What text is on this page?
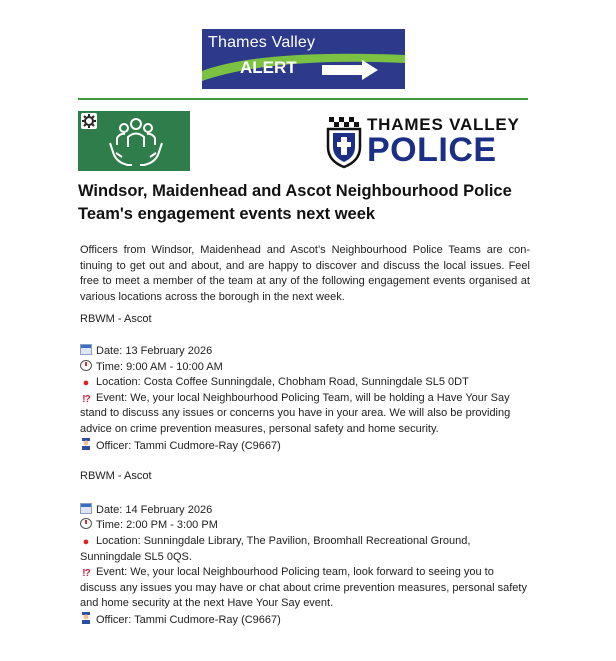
Thames Valley
ALERT
THAMES VALLEY
POLICE
Windsor, Maidenhead and Ascot Neighbourhood Police Team's engagement events next week

Officers from Windsor, Maidenhead and Ascot’s Neighbourhood Police Teams are con- tinuing to get out and about, and are happy to discover and discuss the local issues. Feel free to meet a member of the team at any of the following engagement events organised at various locations across the borough in the next week.

RBWM - Ascot

Date: 13 February 2026

Time: 9:00 AM - 10:00 AM

● Location: Costa Coffee Sunningdale, Chobham Road, Sunningdale SL5 0DT

!? Event: We, your local Neighbourhood Policing Team, will be holding a Have Your Say stand to discuss any issues or concerns you have in your area. We will also be providing advice on crime prevention measures, personal safety and home security.

Officer: Tammi Cudmore-Ray (C9667)

RBWM - Ascot

Date: 14 February 2026

Time: 2:00 PM - 3:00 PM

● Location: Sunningdale Library, The Pavilion, Broomhall Recreational Ground, Sunningdale SL5 0QS.

!? Event: We, your local Neighbourhood Policing team, look forward to seeing you to discuss any issues you may have or chat about crime prevention measures, personal safety and home security at the next Have Your Say event.

Officer: Tammi Cudmore-Ray (C9667)
